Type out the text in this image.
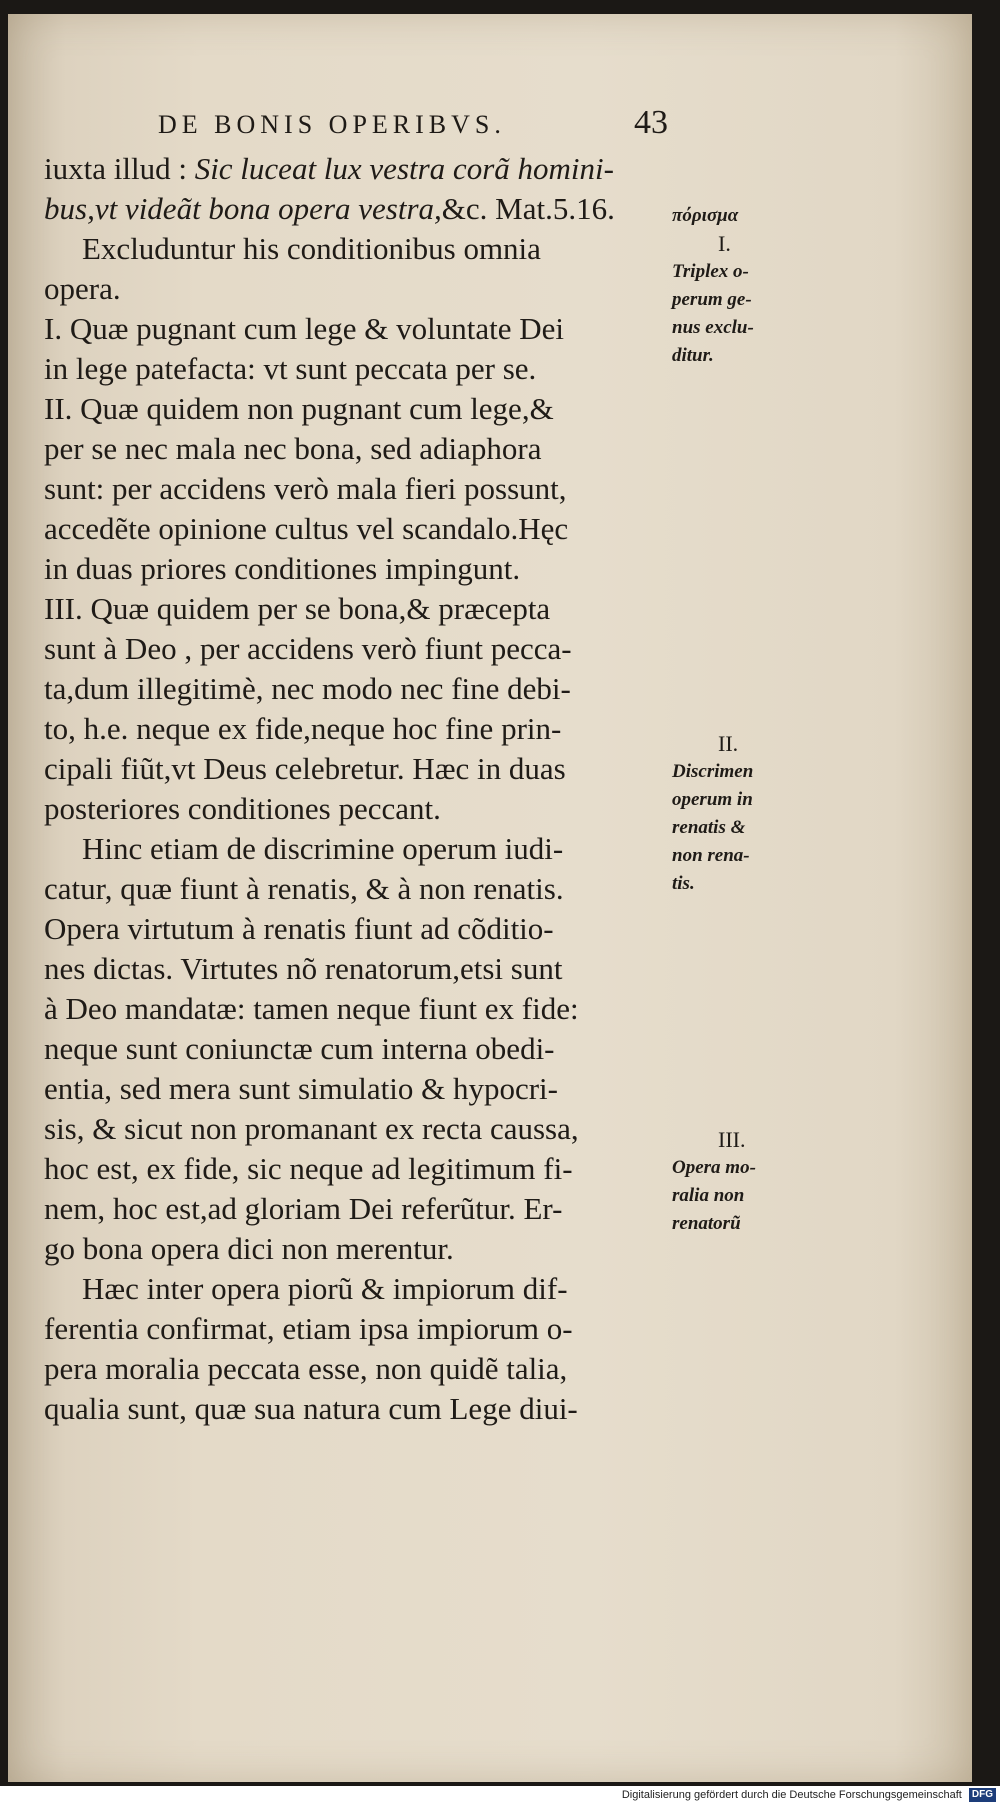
DE BONIS OPERIBVS.	43
iuxta illud : Sic luceat lux vestra corã homini-
bus,vt videãt bona opera vestra,&c. Mat.5.16.
Excluduntur his conditionibus omnia
opera.
I. Quæ pugnant cum lege & voluntate Dei
in lege patefacta: vt sunt peccata per se.
II. Quæ quidem non pugnant cum lege,&
per se nec mala nec bona, sed adiaphora
sunt: per accidens verò mala fieri possunt,
accedẽte opinione cultus vel scandalo.Hęc
in duas priores conditiones impingunt.
III. Quæ quidem per se bona,& præcepta
sunt à Deo , per accidens verò fiunt pecca-
ta,dum illegitimè, nec modo nec fine debi-
to, h.e. neque ex fide,neque hoc fine prin-
cipali fiũt,vt Deus celebretur. Hæc in duas
posteriores conditiones peccant.
Hinc etiam de discrimine operum iudi-
catur, quæ fiunt à renatis, & à non renatis.
Opera virtutum à renatis fiunt ad cõditio-
nes dictas. Virtutes nõ renatorum,etsi sunt
à Deo mandatæ: tamen neque fiunt ex fide:
neque sunt coniunctæ cum interna obedi-
entia, sed mera sunt simulatio & hypocri-
sis, & sicut non promanant ex recta caussa,
hoc est, ex fide, sic neque ad legitimum fi-
nem, hoc est,ad gloriam Dei referũtur. Er-
go bona opera dici non merentur.
Hæc inter opera piorũ & impiorum dif-
ferentia confirmat, etiam ipsa impiorum o-
pera moralia peccata esse, non quidẽ talia,
qualia sunt, quæ sua natura cum Lege diui-
πόρισμα
I.
Triplex o-
perum ge-
nus exclu-
ditur.
II.
Discrimen
operum in
renatis &
non rena-
tis.
III.
Opera mo-
ralia non
renatorũ
Digitalisierung gefördert durch die Deutsche Forschungsgemeinschaft DFG
